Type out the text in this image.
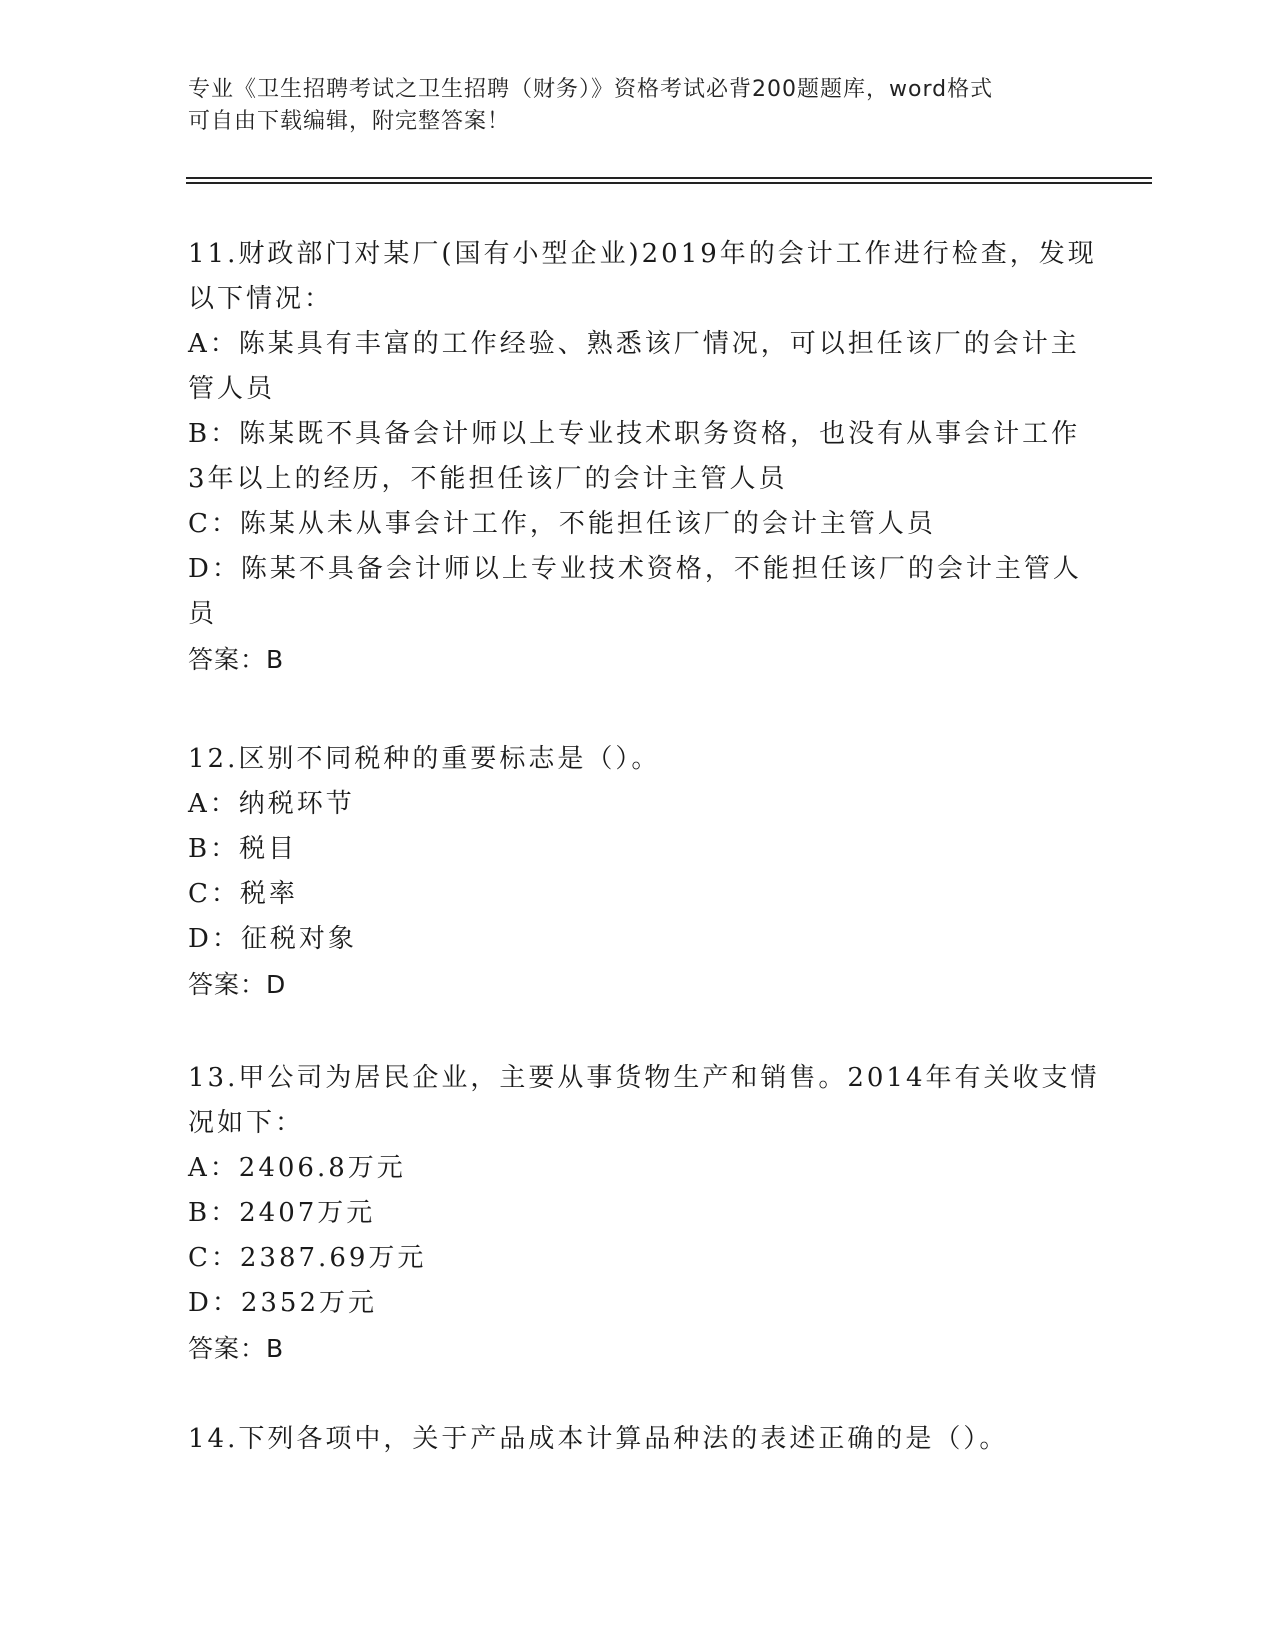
专业《卫生招聘考试之卫生招聘（财务）》资格考试必背200题题库，word格式
可自由下载编辑，附完整答案！
11.财政部门对某厂(国有小型企业)2019年的会计工作进行检查，发现
以下情况：
A：陈某具有丰富的工作经验、熟悉该厂情况，可以担任该厂的会计主
管人员
B：陈某既不具备会计师以上专业技术职务资格，也没有从事会计工作
3年以上的经历，不能担任该厂的会计主管人员
C：陈某从未从事会计工作，不能担任该厂的会计主管人员
D：陈某不具备会计师以上专业技术资格，不能担任该厂的会计主管人
员
答案：B
12.区别不同税种的重要标志是（）。
A：纳税环节
B：税目
C：税率
D：征税对象
答案：D
13.甲公司为居民企业，主要从事货物生产和销售。2014年有关收支情
况如下：
A：2406.8万元
B：2407万元
C：2387.69万元
D：2352万元
答案：B
14.下列各项中，关于产品成本计算品种法的表述正确的是（）。
